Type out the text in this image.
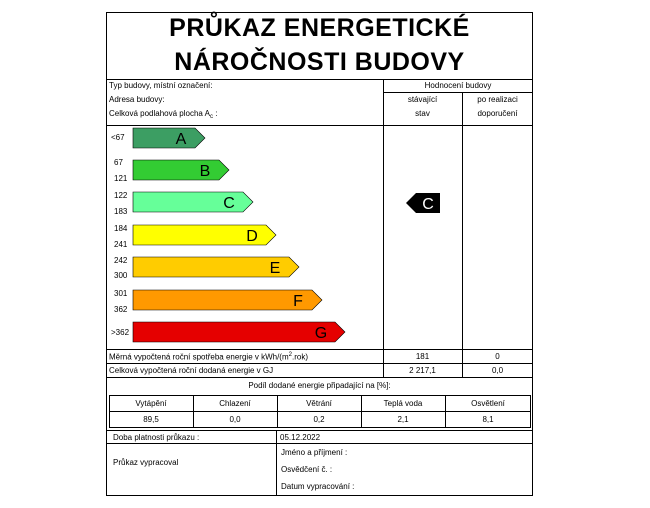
PRŮKAZ ENERGETICKÉ
NÁROČNOSTI BUDOVY
Typ budovy, místní označení:
Adresa budovy:
Celková podlahová plocha $A_c$ :
Hodnocení budovy
stávající
stav
po realizaci
doporučení
<67
67
121
122
183
184
241
242
300
301
362
>362
A
B
C
D
E
F
G
C
Měrná vypočtená roční spotřeba energie v kWh/$(m^2.rok)$	181	0
Celková vypočtená roční dodaná energie v GJ	2 217,1	0,0
Podíl dodané energie připadající na [%]:
Vytápění	Chlazení	Větrání	Teplá voda	Osvětlení
89,5	0,0	0,2	2,1	8,1
Doba platnosti průkazu :	05.12.2022
Průkaz vypracoval
Jméno a příjmení :
Osvědčení č. :
Datum vypracování :
